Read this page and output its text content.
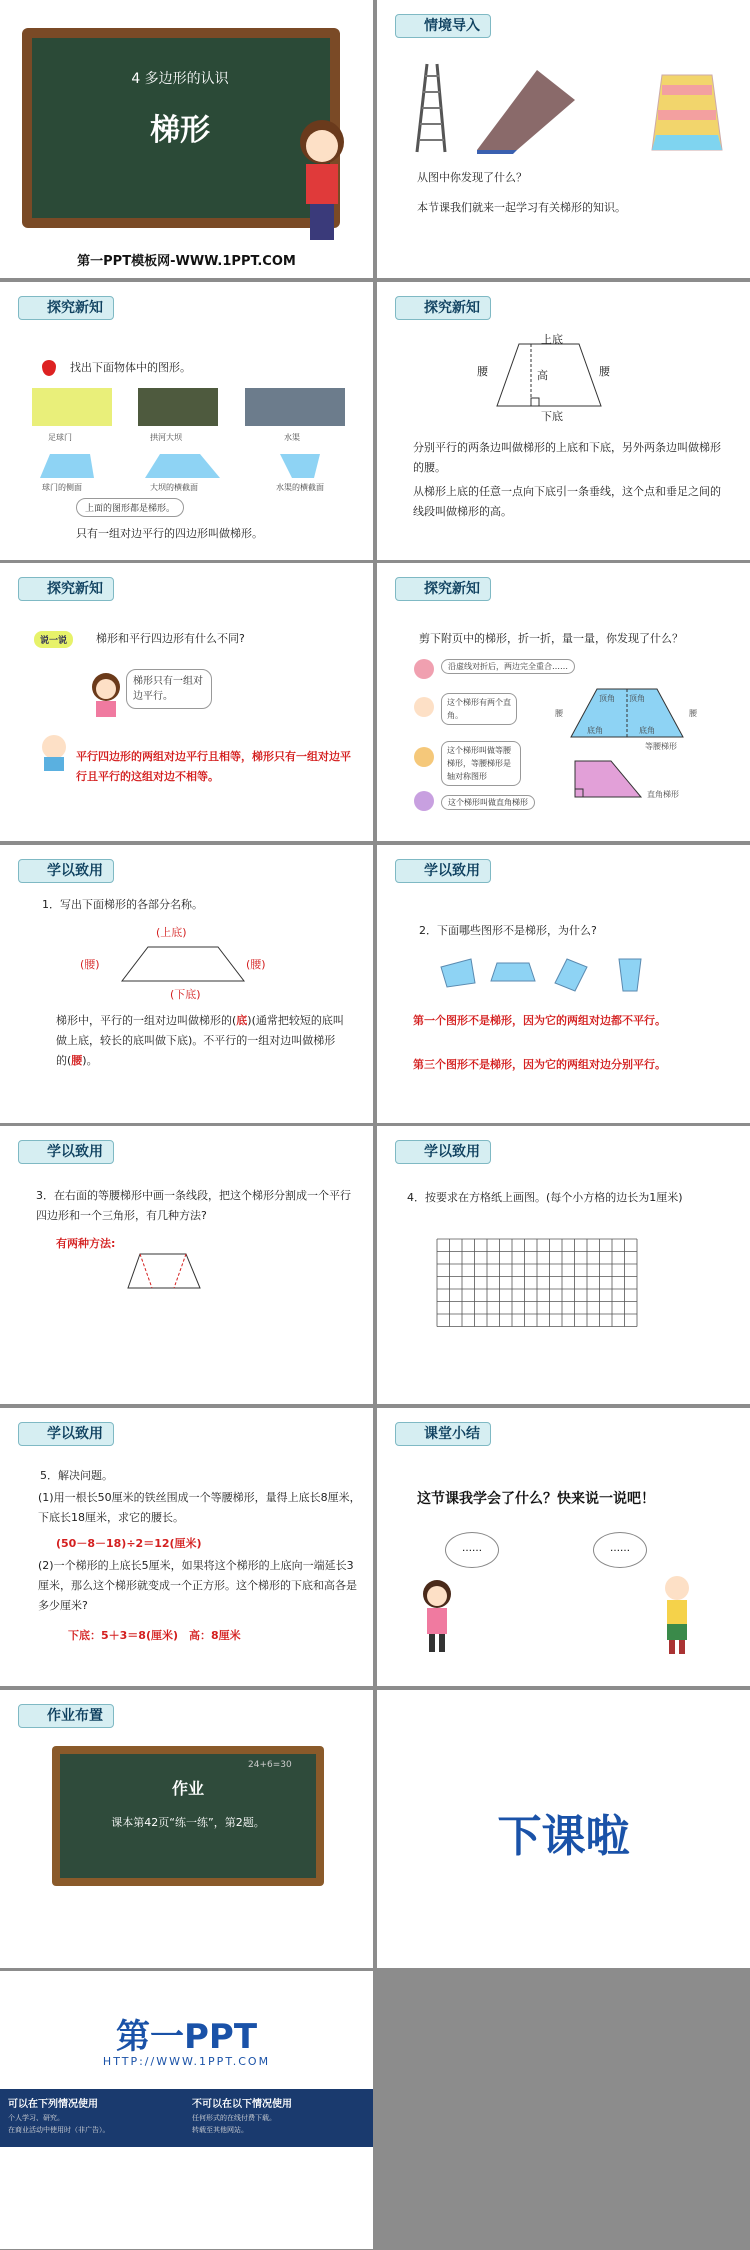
4 多边形的认识
梯形
第一PPT模板网-WWW.1PPT.COM
情境导入
从图中你发现了什么？
本节课我们就来一起学习有关梯形的知识。
探究新知
找出下面物体中的图形。
足球门	拱河大坝	水渠
球门的侧面	大坝的横截面	水渠的横截面
上面的图形都是梯形。
只有一组对边平行的四边形叫做梯形。
探究新知
上底
下底
腰	腰
高
分别平行的两条边叫做梯形的上底和下底，另外两条边叫做梯形的腰。
从梯形上底的任意一点向下底引一条垂线，这个点和垂足之间的线段叫做梯形的高。
探究新知
说一说	梯形和平行四边形有什么不同?
梯形只有一组对边平行。
平行四边形的两组对边平行且相等，梯形只有一组对边平行且平行的这组对边不相等。
探究新知
剪下附页中的梯形，折一折，量一量，你发现了什么？
沿虚线对折后，两边完全重合……
这个梯形有两个直角。
这个梯形叫做等腰梯形，等腰梯形是轴对称图形
这个梯形叫做直角梯形
腰
顶角 顶角
腰
底角	底角
等腰梯形
直角梯形
学以致用
1．写出下面梯形的各部分名称。
(上底)
(下底)
(腰)	(腰)
梯形中，平行的一组对边叫做梯形的(底)(通常把较短的底叫做上底，较长的底叫做下底)。不平行的一组对边叫做梯形的(腰)。
学以致用
2．下面哪些图形不是梯形，为什么?
第一个图形不是梯形，因为它的两组对边都不平行。
第三个图形不是梯形，因为它的两组对边分别平行。
学以致用
3．在右面的等腰梯形中画一条线段，把这个梯形分割成一个平行四边形和一个三角形，有几种方法?
有两种方法:
学以致用
4．按要求在方格纸上画图。(每个小方格的边长为1厘米)
学以致用
5．解决问题。
(1)用一根长50厘米的铁丝围成一个等腰梯形，量得上底长8厘米，下底长18厘米，求它的腰长。
(50－8－18)÷2＝12(厘米)
(2)一个梯形的上底长5厘米，如果将这个梯形的上底向一端延长3厘米，那么这个梯形就变成一个正方形。这个梯形的下底和高各是多少厘米?
下底：5＋3＝8(厘米)　高：8厘米
课堂小结
这节课我学会了什么？快来说一说吧！
……	……
作业布置
作业
课本第42页“练一练”，第2题。
24+6=30
下课啦
第一PPT
HTTP://WWW.1PPT.COM
可以在下列情况使用	不可以在以下情况使用
个人学习、研究。
在商业活动中使用时（非广告）。
任何形式的在线付费下载。
转载至其他网站。
